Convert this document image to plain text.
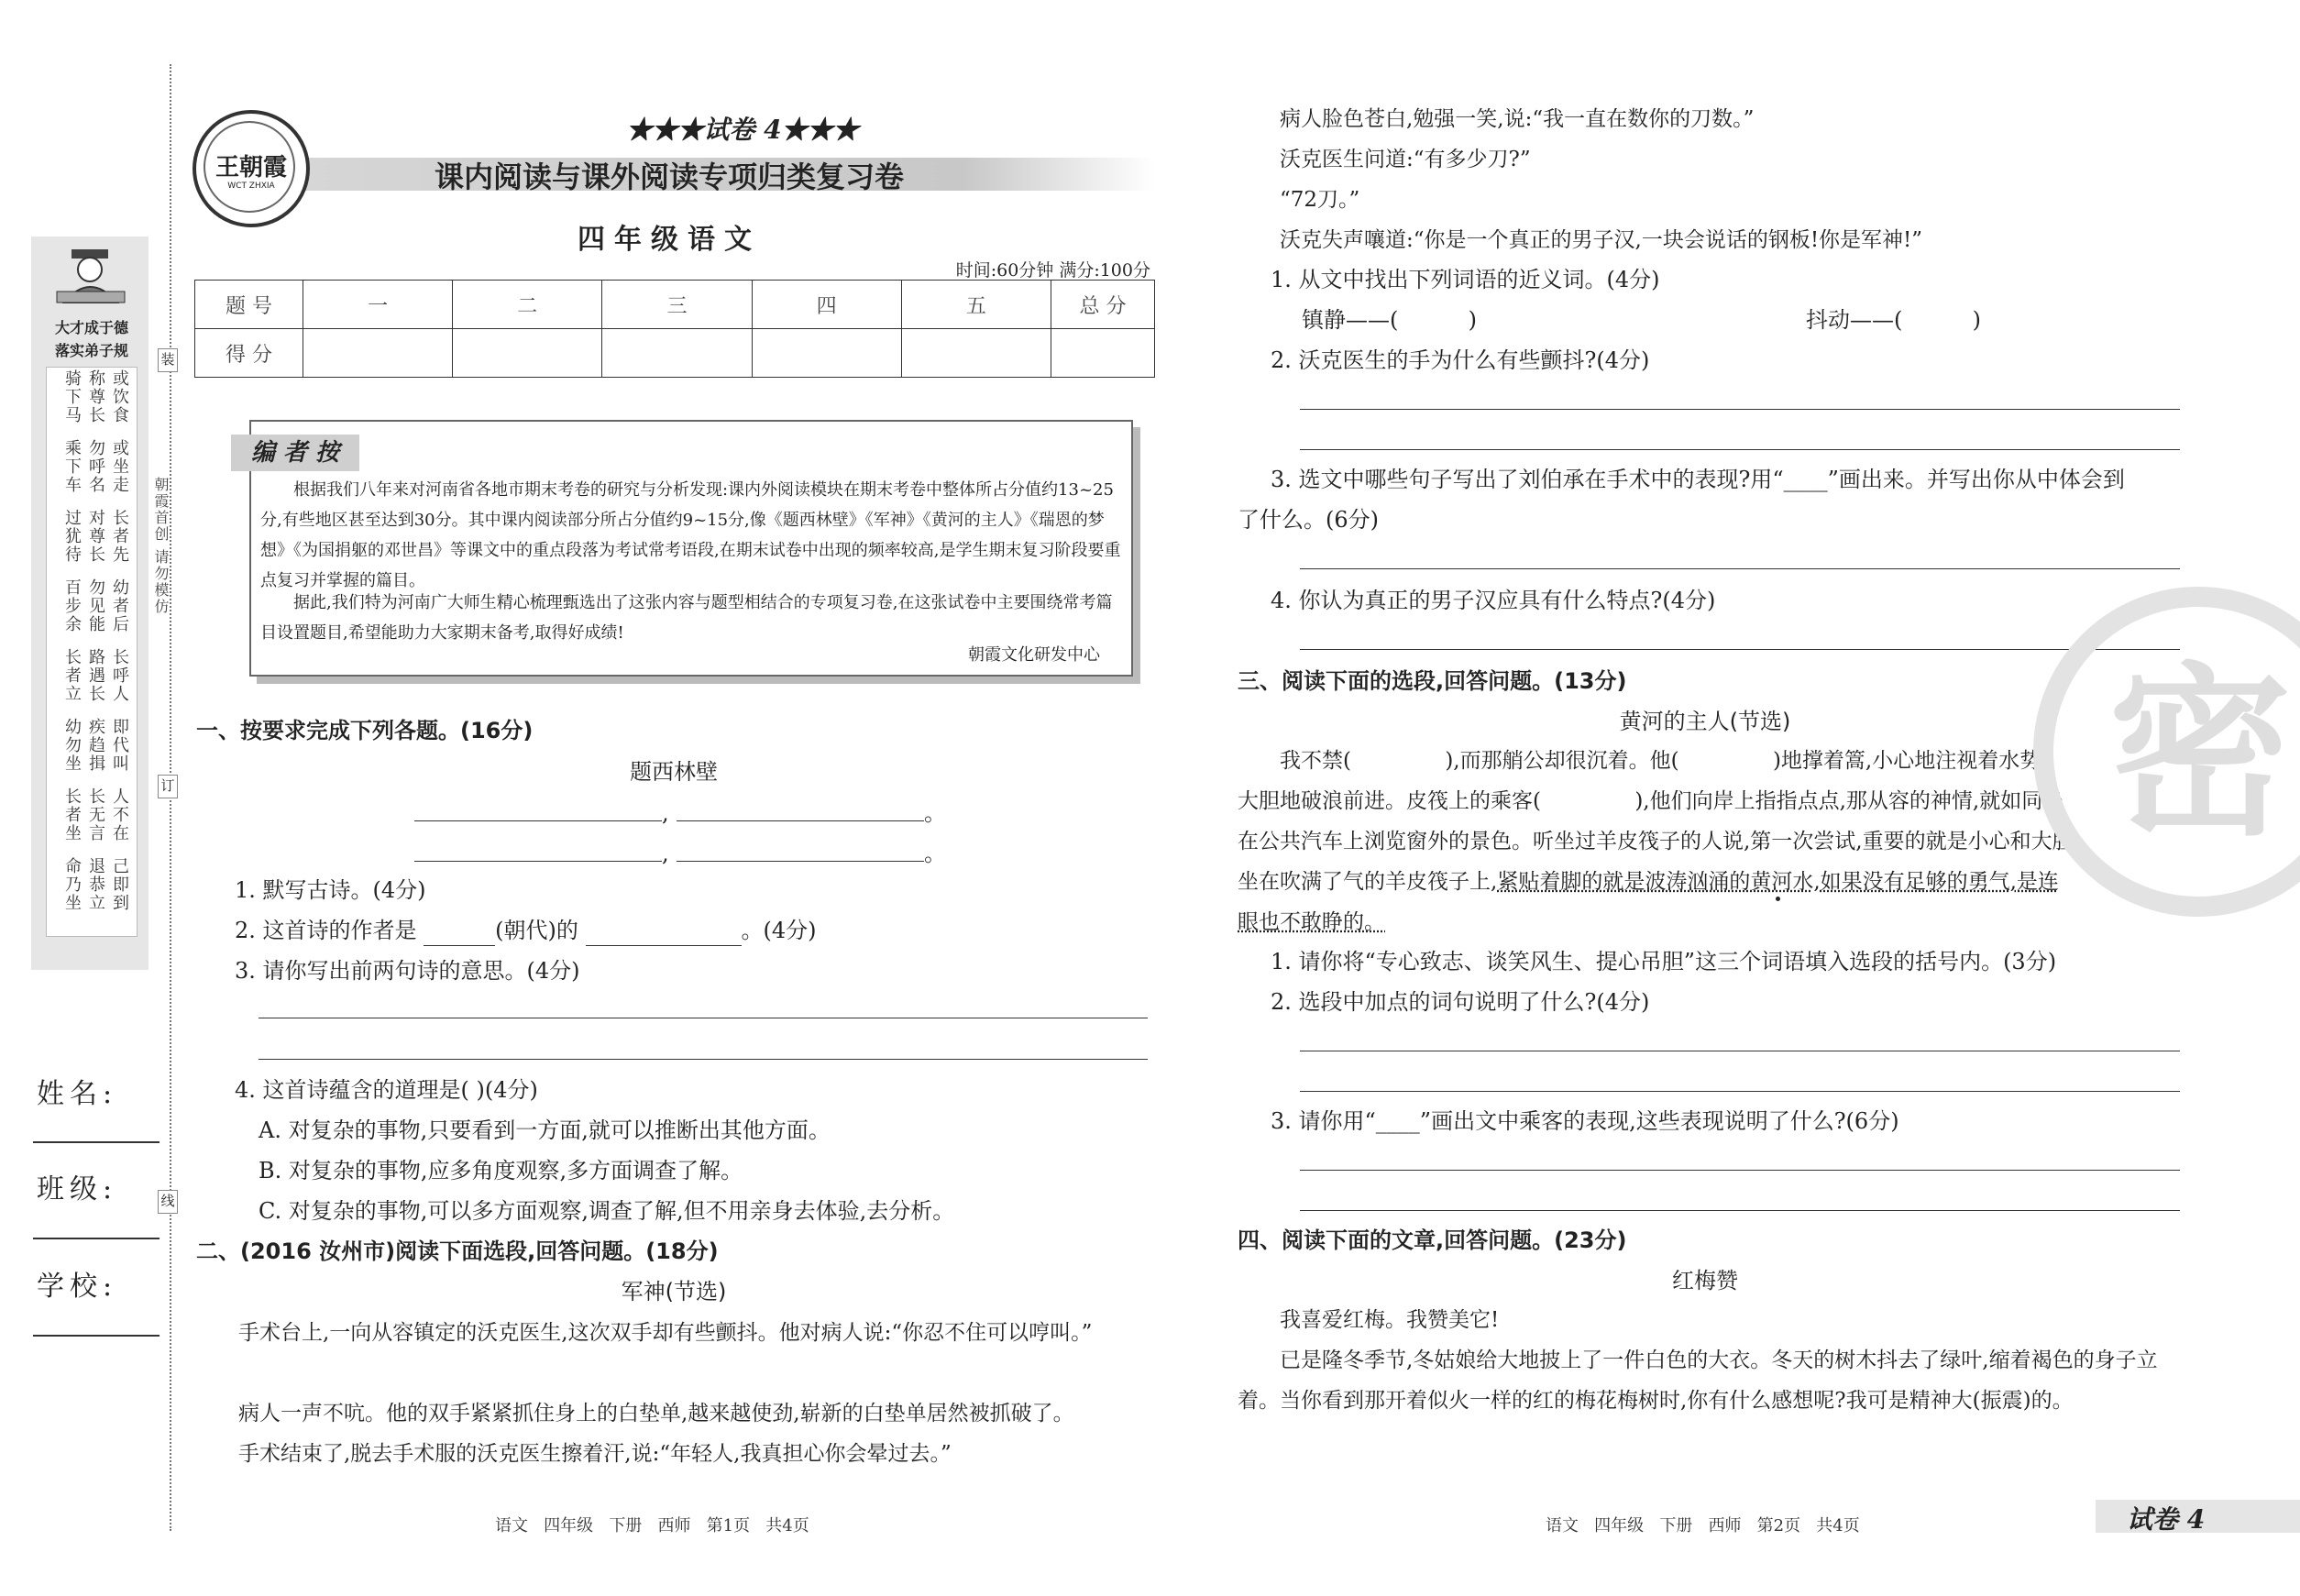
大才成于德
落实弟子规
或饮食
称尊长
骑下马
或坐走
勿呼名
乘下车
长者先
对尊长
过犹待
幼者后
勿见能
百步余
长呼人
路遇长
长者立
即代叫
疾趋揖
幼勿坐
人不在
长无言
长者坐
己即到
退恭立
命乃坐
装
订
线
朝霞首创 请勿模仿
姓名:
班级:
学校:
王朝霞
WCT ZHXIA
★★★试卷 4★★★
课内阅读与课外阅读专项归类复习卷
四年级语文
时间:60分钟 满分:100分
题 号	一	二	三	四	五	总 分
得 分						
编 者 按
根据我们八年来对河南省各地市期末考卷的研究与分析发现:课内外阅读模块在期末考卷中整体所占分值约13~25分,有些地区甚至达到30分。其中课内阅读部分所占分值约9~15分,像《题西林壁》《军神》《黄河的主人》《瑞恩的梦想》《为国捐躯的邓世昌》等课文中的重点段落为考试常考语段,在期末试卷中出现的频率较高,是学生期末复习阶段要重点复习并掌握的篇目。
据此,我们特为河南广大师生精心梳理甄选出了这张内容与题型相结合的专项复习卷,在这张试卷中主要围绕常考篇目设置题目,希望能助力大家期末备考,取得好成绩!
朝霞文化研发中心
一、按要求完成下列各题。(16分)
题西林壁
,	。
,	。
1. 默写古诗。(4分)
2. 这首诗的作者是	(朝代)的	。(4分)
3. 请你写出前两句诗的意思。(4分)
4. 这首诗蕴含的道理是( )(4分)
A. 对复杂的事物,只要看到一方面,就可以推断出其他方面。
B. 对复杂的事物,应多角度观察,多方面调查了解。
C. 对复杂的事物,可以多方面观察,调查了解,但不用亲身去体验,去分析。
二、(2016 汝州市)阅读下面选段,回答问题。(18分)
军神(节选)
手术台上,一向从容镇定的沃克医生,这次双手却有些颤抖。他对病人说:“你忍不住可以哼叫。”
病人一声不吭。他的双手紧紧抓住身上的白垫单,越来越使劲,崭新的白垫单居然被抓破了。
手术结束了,脱去手术服的沃克医生擦着汗,说:“年轻人,我真担心你会晕过去。”
病人脸色苍白,勉强一笑,说:“我一直在数你的刀数。”
沃克医生问道:“有多少刀?”
“72刀。”
沃克失声嚷道:“你是一个真正的男子汉,一块会说话的钢板!你是军神!”
1. 从文中找出下列词语的近义词。(4分)
镇静——(          )	抖动——(          )
2. 沃克医生的手为什么有些颤抖?(4分)
3. 选文中哪些句子写出了刘伯承在手术中的表现?用“____”画出来。并写出你从中体会到
了什么。(6分)
4. 你认为真正的男子汉应具有什么特点?(4分)
三、阅读下面的选段,回答问题。(13分)
黄河的主人(节选)
我不禁(              ),而那艄公却很沉着。他(              )地撑着篙,小心地注视着水势,
大胆地破浪前进。皮筏上的乘客(              ),他们向岸上指指点点,那从容的神情,就如同坐
在公共汽车上浏览窗外的景色。听坐过羊皮筏子的人说,第一次尝试,重要的就是小心和大胆。
坐在吹满了气的羊皮筏子上,紧贴着脚的就是波涛汹涌的黄河水,如果没有足够的勇气,是连
眼也不敢睁的。
1. 请你将“专心致志、谈笑风生、提心吊胆”这三个词语填入选段的括号内。(3分)
2. 选段中加点的词句说明了什么?(4分)
3. 请你用“____”画出文中乘客的表现,这些表现说明了什么?(6分)
四、阅读下面的文章,回答问题。(23分)
红梅赞
我喜爱红梅。我赞美它!
已是隆冬季节,冬姑娘给大地披上了一件白色的大衣。冬天的树木抖去了绿叶,缩着褐色的身子立着。当你看到那开着似火一样的红的梅花梅树时,你有什么感想呢?我可是精神大(振震)的。
密
语文   四年级   下册   西师   第1页   共4页	语文   四年级   下册   西师   第2页   共4页	试卷 4
